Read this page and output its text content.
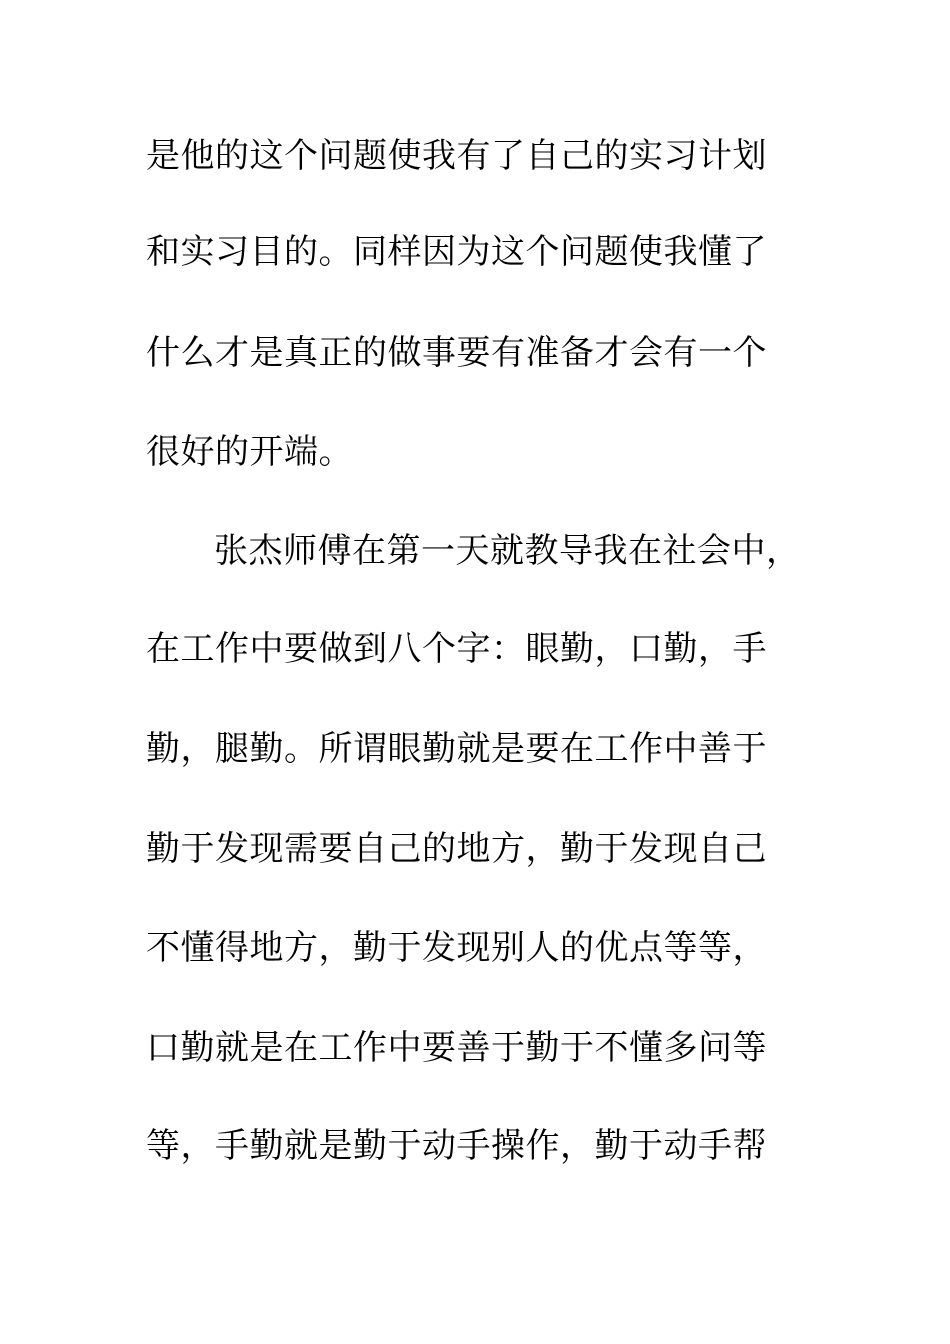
是他的这个问题使我有了自己的实习计划
和实习目的。同样因为这个问题使我懂了
什么才是真正的做事要有准备才会有一个
很好的开端。
张杰师傅在第一天就教导我在社会中，
在工作中要做到八个字：眼勤，口勤，手
勤，腿勤。所谓眼勤就是要在工作中善于
勤于发现需要自己的地方，勤于发现自己
不懂得地方，勤于发现别人的优点等等，
口勤就是在工作中要善于勤于不懂多问等
等，手勤就是勤于动手操作，勤于动手帮
